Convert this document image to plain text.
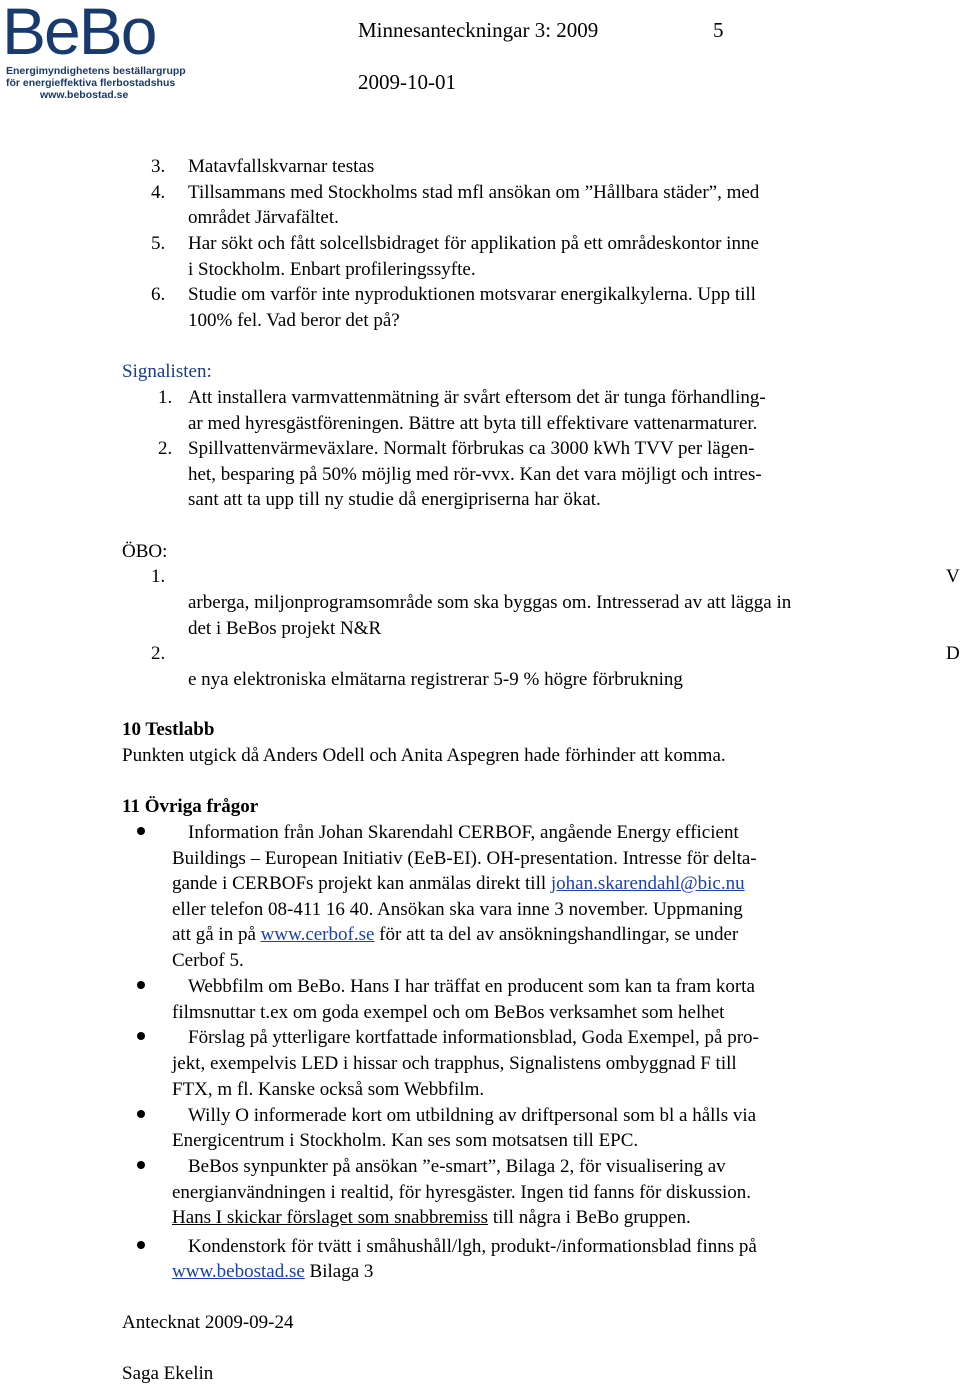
BeBo
Energimyndighetens beställargrupp
för energieffektiva flerbostadshus
www.bebostad.se
Minnesanteckningar 3: 2009	5
2009-10-01
3. Matavfallskvarnar testas
4. Tillsammans med Stockholms stad mfl ansökan om ”Hållbara städer”, med
området Järvafältet.
5. Har sökt och fått solcellsbidraget för applikation på ett områdeskontor inne
i Stockholm. Enbart profileringssyfte.
6. Studie om varför inte nyproduktionen motsvarar energikalkylerna. Upp till
100% fel. Vad beror det på?
Signalisten:
1. Att installera varmvattenmätning är svårt eftersom det är tunga förhandling-
ar med hyresgästföreningen. Bättre att byta till effektivare vattenarmaturer.
2. Spillvattenvärmeväxlare. Normalt förbrukas ca 3000 kWh TVV per lägen-
het, besparing på 50% möjlig med rör-vvx. Kan det vara möjligt och intres-
sant att ta upp till ny studie då energipriserna har ökat.
ÖBO:
1.	V
arberga, miljonprogramsområde som ska byggas om. Intresserad av att lägga in
det i BeBos projekt N&R
2.	D
e nya elektroniska elmätarna registrerar 5-9 % högre förbrukning
10 Testlabb
Punkten utgick då Anders Odell och Anita Aspegren hade förhinder att komma.
11 Övriga frågor
Information från Johan Skarendahl CERBOF, angående Energy efficient
Buildings – European Initiativ (EeB-EI). OH-presentation. Intresse för delta-
gande i CERBOFs projekt kan anmälas direkt till johan.skarendahl@bic.nu
eller telefon 08-411 16 40. Ansökan ska vara inne 3 november. Uppmaning
att gå in på www.cerbof.se för att ta del av ansökningshandlingar, se under
Cerbof 5.
Webbfilm om BeBo. Hans I har träffat en producent som kan ta fram korta
filmsnuttar t.ex om goda exempel och om BeBos verksamhet som helhet
Förslag på ytterligare kortfattade informationsblad, Goda Exempel, på pro-
jekt, exempelvis LED i hissar och trapphus, Signalistens ombyggnad F till
FTX, m fl. Kanske också som Webbfilm.
Willy O informerade kort om utbildning av driftpersonal som bl a hålls via
Energicentrum i Stockholm. Kan ses som motsatsen till EPC.
BeBos synpunkter på ansökan ”e-smart”, Bilaga 2, för visualisering av
energianvändningen i realtid, för hyresgäster. Ingen tid fanns för diskussion.
Hans I skickar förslaget som snabbremiss till några i BeBo gruppen.
Kondenstork för tvätt i småhushåll/lgh, produkt-/informationsblad finns på
www.bebostad.se Bilaga 3
Antecknat 2009-09-24
Saga Ekelin
